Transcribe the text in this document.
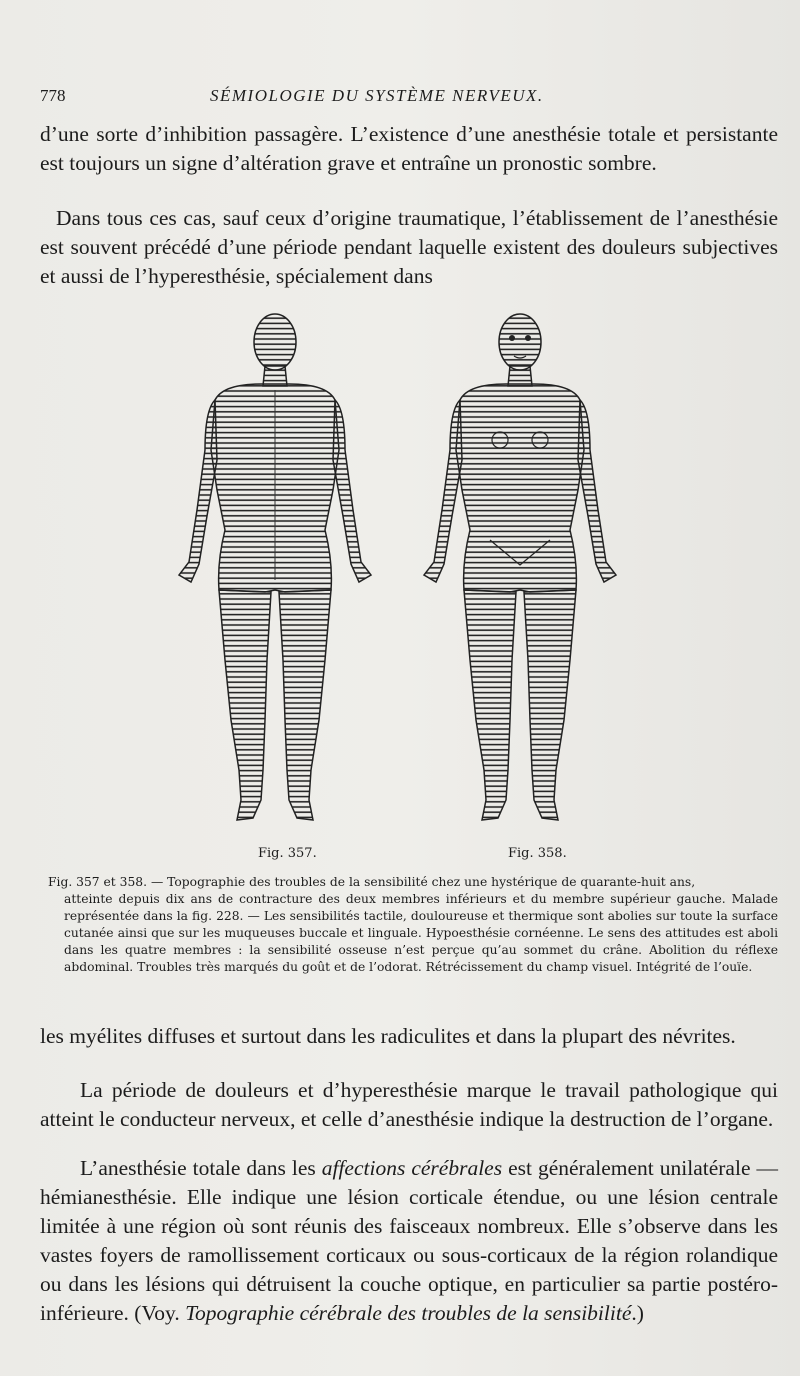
778	SÉMIOLOGIE DU SYSTÈME NERVEUX.

d’une sorte d’inhibition passagère. L’existence d’une anesthésie totale et persistante est toujours un signe d’altération grave et entraîne un pronostic sombre.

Dans tous ces cas, sauf ceux d’origine traumatique, l’établissement de l’anesthésie est souvent précédé d’une période pendant laquelle existent des douleurs subjectives et aussi de l’hyperesthésie, spécialement dans

Fig. 357.	Fig. 358.

Fig. 357 et 358. — Topographie des troubles de la sensibilité chez une hystérique de quarante-huit ans,
atteinte depuis dix ans de contracture des deux membres inférieurs et du membre supérieur gauche. Malade représentée dans la fig. 228. — Les sensibilités tactile, douloureuse et thermique sont abolies sur toute la surface cutanée ainsi que sur les muqueuses buccale et linguale. Hypoesthésie cornéenne. Le sens des attitudes est aboli dans les quatre membres : la sensibilité osseuse n’est perçue qu’au sommet du crâne. Abolition du réflexe abdominal. Troubles très marqués du goût et de l’odorat. Rétrécissement du champ visuel. Intégrité de l’ouïe.

les myélites diffuses et surtout dans les radiculites et dans la plupart des névrites.

La période de douleurs et d’hyperesthésie marque le travail pathologique qui atteint le conducteur nerveux, et celle d’anesthésie indique la destruction de l’organe.

L’anesthésie totale dans les affections cérébrales est généralement unilatérale — hémianesthésie. Elle indique une lésion corticale étendue, ou une lésion centrale limitée à une région où sont réunis des faisceaux nombreux. Elle s’observe dans les vastes foyers de ramollissement corticaux ou sous-corticaux de la région rolandique ou dans les lésions qui détruisent la couche optique, en particulier sa partie postéro-inférieure. (Voy. Topographie cérébrale des troubles de la sensibilité.)
